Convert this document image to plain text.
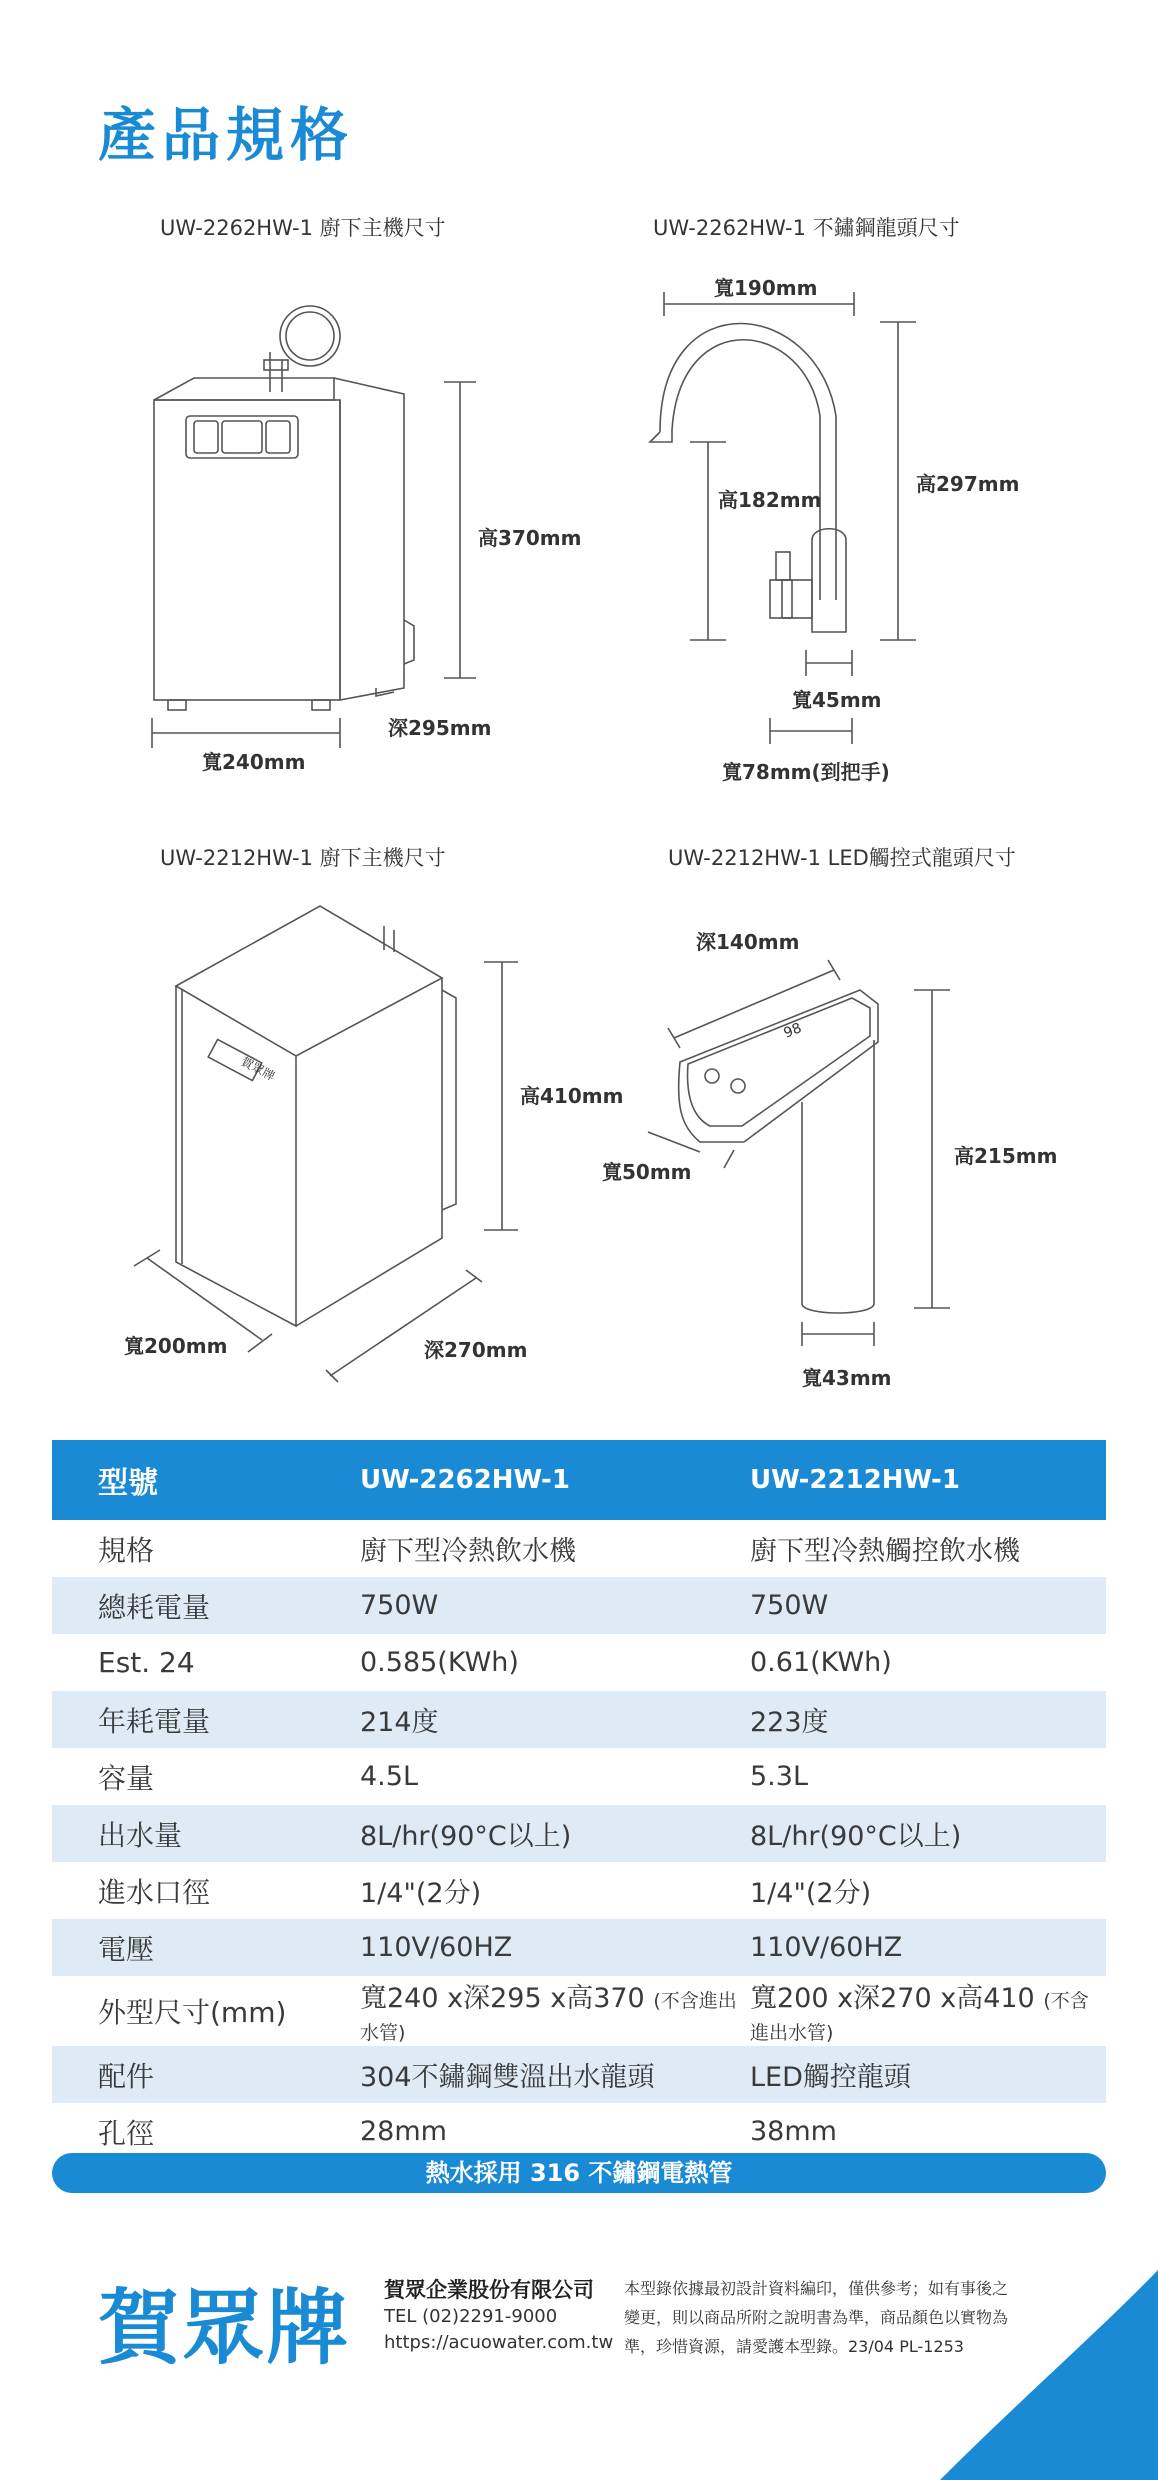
產品規格
賀眾牌
98
UW-2262HW-1 廚下主機尺寸	UW-2262HW-1 不鏽鋼龍頭尺寸
UW-2212HW-1 廚下主機尺寸	UW-2212HW-1 LED觸控式龍頭尺寸
高370mm
深295mm
寬240mm
寬190mm
高182mm
高297mm
寬45mm
寬78mm(到把手)
高410mm
寬200mm	深270mm
深140mm
寬50mm
高215mm
寬43mm
型號	UW-2262HW-1	UW-2212HW-1
規格	廚下型冷熱飲水機	廚下型冷熱觸控飲水機
總耗電量	750W	750W
Est. 24	0.585(KWh)	0.61(KWh)
年耗電量	214度	223度
容量	4.5L	5.3L
出水量	8L/hr(90°C以上)	8L/hr(90°C以上)
進水口徑	1/4"(2分)	1/4"(2分)
電壓	110V/60HZ	110V/60HZ
外型尺寸(mm)	寬240 x深295 x高370 (不含進出水管)	寬200 x深270 x高410 (不含進出水管)
配件	304不鏽鋼雙溫出水龍頭	LED觸控龍頭
孔徑	28mm	38mm
熱水採用 316 不鏽鋼電熱管
賀眾牌 賀眾企業股份有限公司
TEL (02)2291-9000
https://acuowater.com.tw
本型錄依據最初設計資料編印，僅供參考；如有事後之變更，則以商品所附之說明書為準，商品顏色以實物為準，珍惜資源，請愛護本型錄。23/04 PL-1253
